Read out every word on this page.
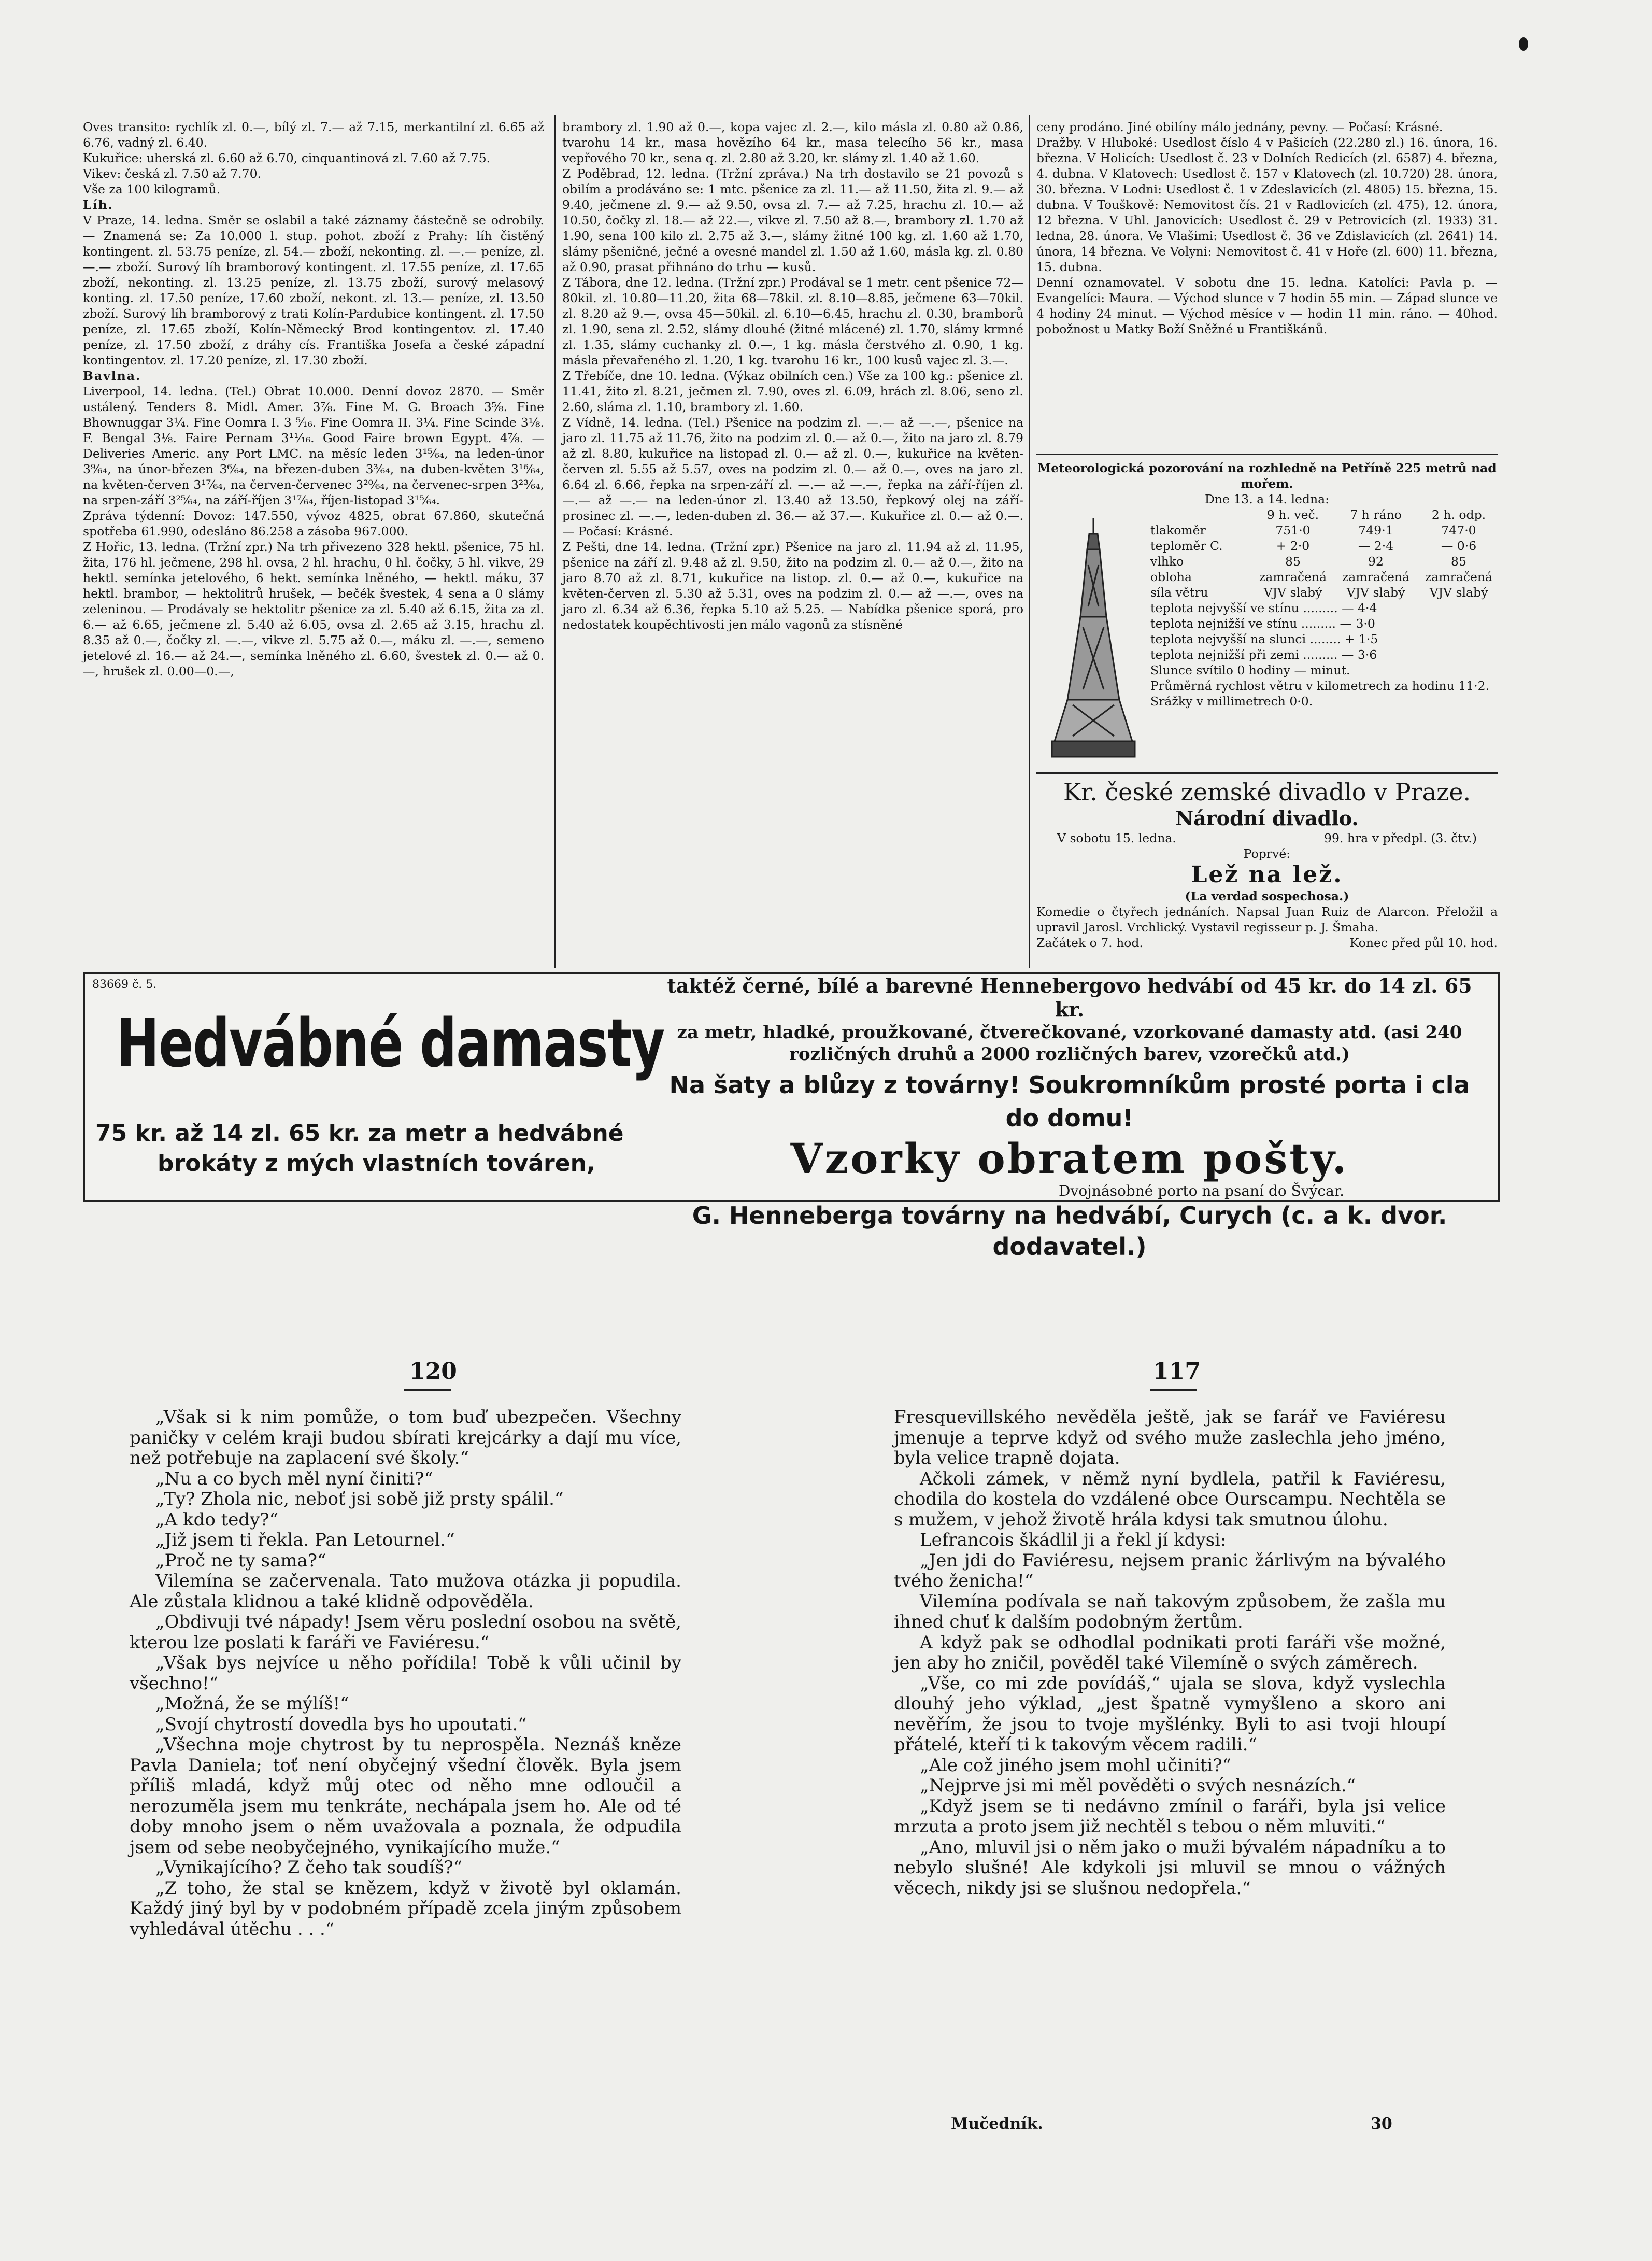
Oves transito: rychlík zl. 0.—, bílý zl. 7.— až 7.15, merkantilní zl. 6.65 až 6.76, vadný zl. 6.40.
Kukuřice: uherská zl. 6.60 až 6.70, cinquantinová zl. 7.60 až 7.75.
Vikev: česká zl. 7.50 až 7.70.
Vše za 100 kilogramů.
Líh.
V Praze, 14. ledna. Směr se oslabil a také záznamy částečně se odrobily. — Znamená se: Za 10.000 l. stup. pohot. zboží z Prahy: líh čistěný kontingent. zl. 53.75 peníze, zl. 54.— zboží, nekonting. zl. —.— peníze, zl. —.— zboží. Surový líh bramborový kontingent. zl. 17.55 peníze, zl. 17.65 zboží, nekonting. zl. 13.25 peníze, zl. 13.75 zboží, surový melasový konting. zl. 17.50 peníze, 17.60 zboží, nekont. zl. 13.— peníze, zl. 13.50 zboží. Surový líh bramborový z trati Kolín-Pardubice kontingent. zl. 17.50 peníze, zl. 17.65 zboží, Kolín-Německý Brod kontingentov. zl. 17.40 peníze, zl. 17.50 zboží, z dráhy cís. Františka Josefa a české západní kontingentov. zl. 17.20 peníze, zl. 17.30 zboží.
Bavlna.
Liverpool, 14. ledna. (Tel.) Obrat 10.000. Denní dovoz 2870. — Směr ustálený. Tenders 8. Midl. Amer. 3⅞. Fine M. G. Broach 3⅝. Fine Bhownuggar 3¼. Fine Oomra I. 3 ⁵⁄₁₆. Fine Oomra II. 3¼. Fine Scinde 3⅛. F. Bengal 3⅛. Faire Pernam 3¹¹⁄₁₆. Good Faire brown Egypt. 4⅞. — Deliveries Americ. any Port LMC. na měsíc leden 3¹⁵⁄₆₄, na leden-únor 3⁹⁄₆₄, na únor-březen 3⁶⁄₆₄, na březen-duben 3³⁄₆₄, na duben-květen 3¹⁶⁄₆₄, na květen-červen 3¹⁷⁄₆₄, na červen-červenec 3²⁰⁄₆₄, na červenec-srpen 3²³⁄₆₄, na srpen-září 3²⁵⁄₆₄, na září-říjen 3¹⁷⁄₆₄, říjen-listopad 3¹⁵⁄₆₄.
Zpráva týdenní: Dovoz: 147.550, vývoz 4825, obrat 67.860, skutečná spotřeba 61.990, odesláno 86.258 a zásoba 967.000.
Z Hořic, 13. ledna. (Tržní zpr.) Na trh přivezeno 328 hektl. pšenice, 75 hl. žita, 176 hl. ječmene, 298 hl. ovsa, 2 hl. hrachu, 0 hl. čočky, 5 hl. vikve, 29 hektl. semínka jetelového, 6 hekt. semínka lněného, — hektl. máku, 37 hektl. brambor, — hektolitrů hrušek, — bečék švestek, 4 sena a 0 slámy zeleninou. — Prodávaly se hektolitr pšenice za zl. 5.40 až 6.15, žita za zl. 6.— až 6.65, ječmene zl. 5.40 až 6.05, ovsa zl. 2.65 až 3.15, hrachu zl. 8.35 až 0.—, čočky zl. —.—, vikve zl. 5.75 až 0.—, máku zl. —.—, semeno jetelové zl. 16.— až 24.—, semínka lněného zl. 6.60, švestek zl. 0.— až 0.—, hrušek zl. 0.00—0.—,
brambory zl. 1.90 až 0.—, kopa vajec zl. 2.—, kilo másla zl. 0.80 až 0.86, tvarohu 14 kr., masa hovězího 64 kr., masa telecího 56 kr., masa vepřového 70 kr., sena q. zl. 2.80 až 3.20, kr. slámy zl. 1.40 až 1.60.
Z Poděbrad, 12. ledna. (Tržní zpráva.) Na trh dostavilo se 21 povozů s obilím a prodáváno se: 1 mtc. pšenice za zl. 11.— až 11.50, žita zl. 9.— až 9.40, ječmene zl. 9.— až 9.50, ovsa zl. 7.— až 7.25, hrachu zl. 10.— až 10.50, čočky zl. 18.— až 22.—, vikve zl. 7.50 až 8.—, brambory zl. 1.70 až 1.90, sena 100 kilo zl. 2.75 až 3.—, slámy žitné 100 kg. zl. 1.60 až 1.70, slámy pšeničné, ječné a ovesné mandel zl. 1.50 až 1.60, másla kg. zl. 0.80 až 0.90, prasat přihnáno do trhu — kusů.
Z Tábora, dne 12. ledna. (Tržní zpr.) Prodával se 1 metr. cent pšenice 72—80kil. zl. 10.80—11.20, žita 68—78kil. zl. 8.10—8.85, ječmene 63—70kil. zl. 8.20 až 9.—, ovsa 45—50kil. zl. 6.10—6.45, hrachu zl. 0.30, bramborů zl. 1.90, sena zl. 2.52, slámy dlouhé (žitné mlácené) zl. 1.70, slámy krmné zl. 1.35, slámy cuchanky zl. 0.—, 1 kg. másla čerstvého zl. 0.90, 1 kg. másla převařeného zl. 1.20, 1 kg. tvarohu 16 kr., 100 kusů vajec zl. 3.—.
Z Třebíče, dne 10. ledna. (Výkaz obilních cen.) Vše za 100 kg.: pšenice zl. 11.41, žito zl. 8.21, ječmen zl. 7.90, oves zl. 6.09, hrách zl. 8.06, seno zl. 2.60, sláma zl. 1.10, brambory zl. 1.60.
Z Vídně, 14. ledna. (Tel.) Pšenice na podzim zl. —.— až —.—, pšenice na jaro zl. 11.75 až 11.76, žito na podzim zl. 0.— až 0.—, žito na jaro zl. 8.79 až zl. 8.80, kukuřice na listopad zl. 0.— až zl. 0.—, kukuřice na květen-červen zl. 5.55 až 5.57, oves na podzim zl. 0.— až 0.—, oves na jaro zl. 6.64 zl. 6.66, řepka na srpen-září zl. —.— až —.—, řepka na září-říjen zl. —.— až —.— na leden-únor zl. 13.40 až 13.50, řepkový olej na září-prosinec zl. —.—, leden-duben zl. 36.— až 37.—. Kukuřice zl. 0.— až 0.—. — Počasí: Krásné.
Z Pešti, dne 14. ledna. (Tržní zpr.) Pšenice na jaro zl. 11.94 až zl. 11.95, pšenice na září zl. 9.48 až zl. 9.50, žito na podzim zl. 0.— až 0.—, žito na jaro 8.70 až zl. 8.71, kukuřice na listop. zl. 0.— až 0.—, kukuřice na květen-červen zl. 5.30 až 5.31, oves na podzim zl. 0.— až —.—, oves na jaro zl. 6.34 až 6.36, řepka 5.10 až 5.25. — Nabídka pšenice sporá, pro nedostatek koupěchtivosti jen málo vagonů za stísněné
ceny prodáno. Jiné obilíny málo jednány, pevny. — Počasí: Krásné.
Dražby. V Hluboké: Usedlost číslo 4 v Pašicích (22.280 zl.) 16. února, 16. března. V Holicích: Usedlost č. 23 v Dolních Redicích (zl. 6587) 4. března, 4. dubna. V Klatovech: Usedlost č. 157 v Klatovech (zl. 10.720) 28. února, 30. března. V Lodni: Usedlost č. 1 v Zdeslavicích (zl. 4805) 15. března, 15. dubna. V Touškově: Nemovitost čís. 21 v Radlovicích (zl. 475), 12. února, 12 března. V Uhl. Janovicích: Usedlost č. 29 v Petrovicích (zl. 1933) 31. ledna, 28. února. Ve Vlašimi: Usedlost č. 36 ve Zdislavicích (zl. 2641) 14. února, 14 března. Ve Volyni: Nemovitost č. 41 v Hoře (zl. 600) 11. března, 15. dubna.
Denní oznamovatel. V sobotu dne 15. ledna. Katolíci: Pavla p. — Evangelíci: Maura. — Východ slunce v 7 hodin 55 min. — Západ slunce ve 4 hodiny 24 minut. — Východ měsíce v — hodin 11 min. ráno. — 40hod. pobožnost u Matky Boží Sněžné u Františkánů.
Meteorologická pozorování na rozhledně na Petříně 225 metrů nad mořem.
Dne 13. a 14. ledna:
9 h. več.	7 h ráno	2 h. odp.
tlakoměr	751·0	749·1	747·0
teploměr C.	+ 2·0	— 2·4	— 0·6
vlhko	85	92	85
obloha	zamračená	zamračená	zamračená
síla větru	VJV slabý	VJV slabý	VJV slabý
teplota nejvyšší ve stínu ......... — 4·4
teplota nejnižší ve stínu ......... — 3·0
teplota nejvyšší na slunci ........ + 1·5
teplota nejnižší při zemi ......... — 3·6
Slunce svítilo 0 hodiny — minut.
Průměrná rychlost větru v kilometrech za hodinu 11·2.
Srážky v millimetrech 0·0.
Kr. české zemské divadlo v Praze.
Národní divadlo.
V sobotu 15. ledna.	99. hra v předpl. (3. čtv.)
Poprvé:
Lež na lež.
(La verdad sospechosa.)
Komedie o čtyřech jednáních. Napsal Juan Ruiz de Alarcon. Přeložil a upravil Jarosl. Vrchlický. Vystavil regisseur p. J. Šmaha.
Začátek o 7. hod.	Konec před půl 10. hod.
83669 č. 5.
Hedvábné damasty
75 kr. až 14 zl. 65 kr. za metr a hedvábné
brokáty z mých vlastních továren,
taktéž černé, bílé a barevné Hennebergovo hedvábí od 45 kr. do 14 zl. 65 kr.
za metr, hladké, proužkované, čtverečkované, vzorkované damasty atd. (asi 240
rozličných druhů a 2000 rozličných barev, vzorečků atd.)
Na šaty a blůzy z továrny! Soukromníkům prosté porta i cla do domu!
Vzorky obratem pošty.
Dvojnásobné porto na psaní do Švýcar.
G. Henneberga továrny na hedvábí, Curych (c. a k. dvor. dodavatel.)
120

„Však si k nim pomůže, o tom buď ubezpečen. Všechny paničky v celém kraji budou sbírati krejcárky a dají mu více, než potřebuje na zaplacení své školy.“

„Nu a co bych měl nyní činiti?“

„Ty? Zhola nic, neboť jsi sobě již prsty spálil.“

„A kdo tedy?“

„Již jsem ti řekla. Pan Letournel.“

„Proč ne ty sama?“

Vilemína se začervenala. Tato mužova otázka ji popudila. Ale zůstala klidnou a také klidně odpověděla.

„Obdivuji tvé nápady! Jsem věru poslední osobou na světě, kterou lze poslati k faráři ve Faviéresu.“

„Však bys nejvíce u něho pořídila! Tobě k vůli učinil by všechno!“

„Možná, že se mýlíš!“

„Svojí chytrostí dovedla bys ho upoutati.“

„Všechna moje chytrost by tu neprospěla. Neznáš kněze Pavla Daniela; toť není obyčejný všední člověk. Byla jsem příliš mladá, když můj otec od něho mne odloučil a nerozuměla jsem mu tenkráte, nechápala jsem ho. Ale od té doby mnoho jsem o něm uvažovala a poznala, že odpudila jsem od sebe neobyčejného, vynikajícího muže.“

„Vynikajícího? Z čeho tak soudíš?“

„Z toho, že stal se knězem, když v životě byl oklamán. Každý jiný byl by v podobném případě zcela jiným způsobem vyhledával útěchu . . .“

117

Fresquevillského nevěděla ještě, jak se farář ve Faviéresu jmenuje a teprve když od svého muže zaslechla jeho jméno, byla velice trapně dojata.

Ačkoli zámek, v němž nyní bydlela, patřil k Faviéresu, chodila do kostela do vzdálené obce Ourscampu. Nechtěla se s mužem, v jehož životě hrála kdysi tak smutnou úlohu.

Lefrancois škádlil ji a řekl jí kdysi:

„Jen jdi do Faviéresu, nejsem pranic žárlivým na bývalého tvého ženicha!“

Vilemína podívala se naň takovým způsobem, že zašla mu ihned chuť k dalším podobným žertům.

A když pak se odhodlal podnikati proti faráři vše možné, jen aby ho zničil, pověděl také Vilemíně o svých záměrech.

„Vše, co mi zde povídáš,“ ujala se slova, když vyslechla dlouhý jeho výklad, „jest špatně vymyšleno a skoro ani nevěřím, že jsou to tvoje myšlénky. Byli to asi tvoji hloupí přátelé, kteří ti k takovým věcem radili.“

„Ale což jiného jsem mohl učiniti?“

„Nejprve jsi mi měl pověděti o svých nesnázích.“

„Když jsem se ti nedávno zmínil o faráři, byla jsi velice mrzuta a proto jsem již nechtěl s tebou o něm mluviti.“

„Ano, mluvil jsi o něm jako o muži bývalém nápadníku a to nebylo slušné! Ale kdykoli jsi mluvil se mnou o vážných věcech, nikdy jsi se slušnou nedopřela.“

Mučedník.	30
